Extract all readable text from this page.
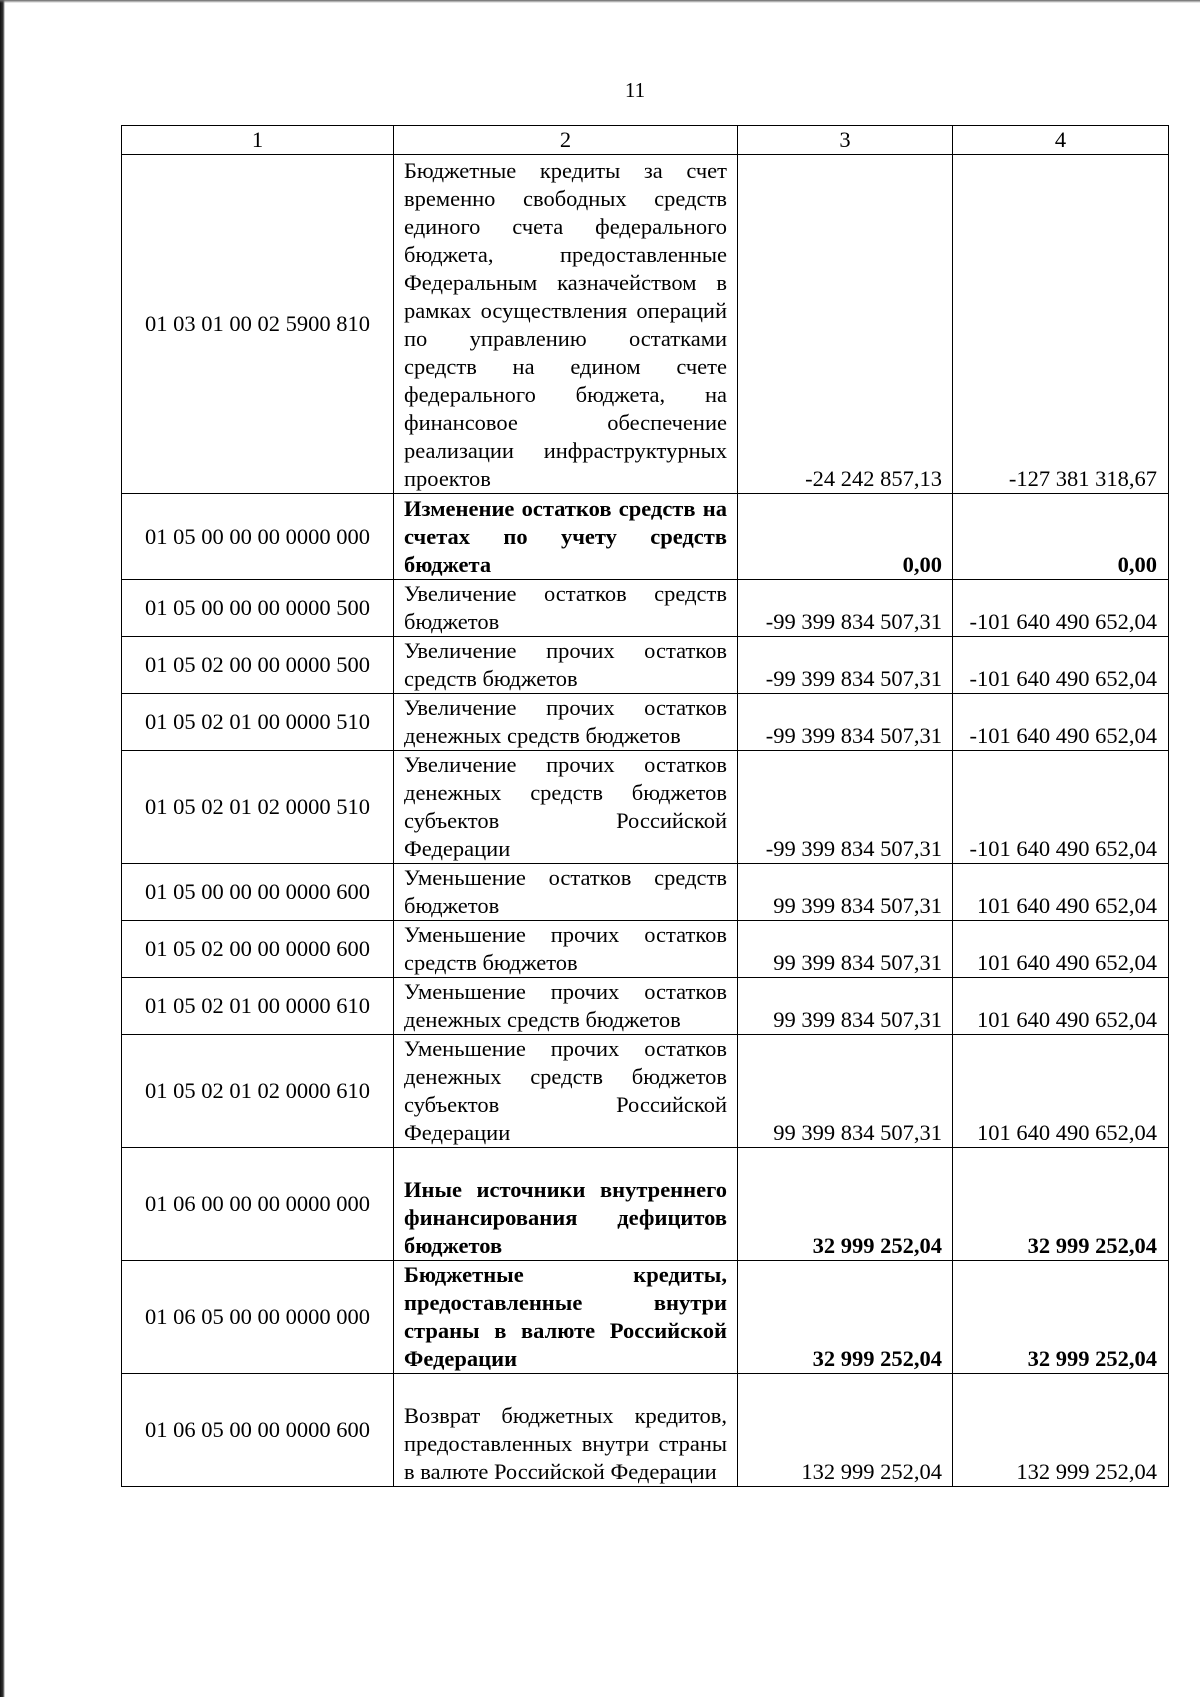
11
1	2	3	4
01 03 01 00 02 5900 810	Бюджетные кредиты за счет временно свободных средств единого счета федерального бюджета, предоставленные Федеральным казначейством в рамках осуществления операций по управлению остатками средств на едином счете федерального бюджета, на финансовое обеспечение реализации инфраструктурных проектов	-24 242 857,13	-127 381 318,67
01 05 00 00 00 0000 000	Изменение остатков средств на счетах по учету средств бюджета	0,00	0,00
01 05 00 00 00 0000 500	Увеличение остатков средств бюджетов	-99 399 834 507,31	-101 640 490 652,04
01 05 02 00 00 0000 500	Увеличение прочих остатков средств бюджетов	-99 399 834 507,31	-101 640 490 652,04
01 05 02 01 00 0000 510	Увеличение прочих остатков денежных средств бюджетов	-99 399 834 507,31	-101 640 490 652,04
01 05 02 01 02 0000 510	Увеличение прочих остатков денежных средств бюджетов субъектов Российской Федерации	-99 399 834 507,31	-101 640 490 652,04
01 05 00 00 00 0000 600	Уменьшение остатков средств бюджетов	99 399 834 507,31	101 640 490 652,04
01 05 02 00 00 0000 600	Уменьшение прочих остатков средств бюджетов	99 399 834 507,31	101 640 490 652,04
01 05 02 01 00 0000 610	Уменьшение прочих остатков денежных средств бюджетов	99 399 834 507,31	101 640 490 652,04
01 05 02 01 02 0000 610	Уменьшение прочих остатков денежных средств бюджетов субъектов Российской Федерации	99 399 834 507,31	101 640 490 652,04
01 06 00 00 00 0000 000	Иные источники внутреннего финансирования дефицитов бюджетов	32 999 252,04	32 999 252,04
01 06 05 00 00 0000 000	Бюджетные кредиты, предоставленные внутри страны в валюте Российской Федерации	32 999 252,04	32 999 252,04
01 06 05 00 00 0000 600	Возврат бюджетных кредитов, предоставленных внутри страны в валюте Российской Федерации	132 999 252,04	132 999 252,04
